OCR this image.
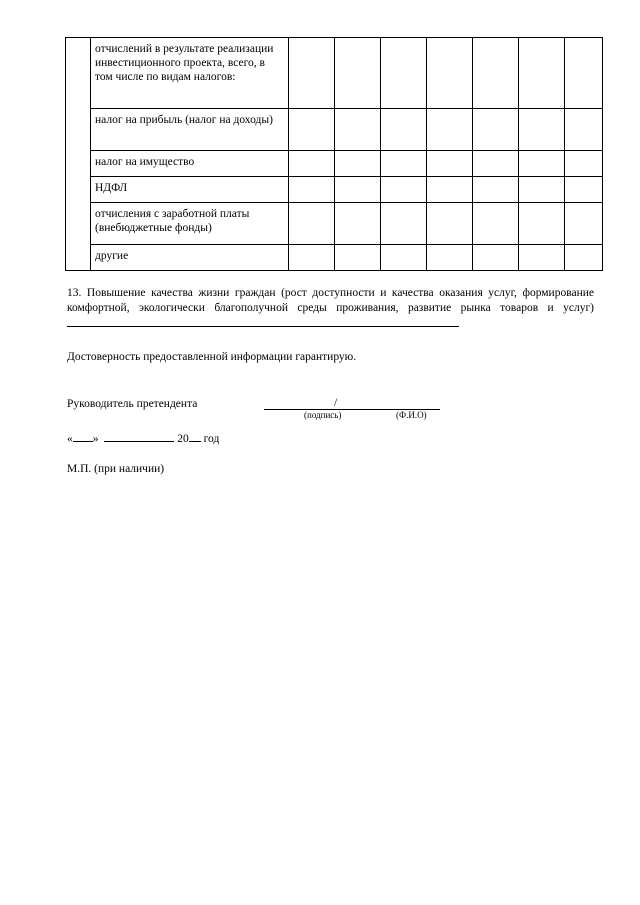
	отчислений в результате реализации инвестиционного проекта, всего, в том числе по видам налогов:							
	налог на прибыль (налог на доходы)							
	налог на имущество							
	НДФЛ							
	отчисления с заработной платы (внебюджетные фонды)							
	другие							
13. Повышение качества жизни граждан (рост доступности и качества оказания услуг, формирование комфортной, экологически благополучной среды проживания, развитие рынка товаров и услуг)
Достоверность предоставленной информации гарантирую.
Руководитель претендента	/
(подпись)	(Ф.И.О)
« »	20 год
М.П. (при наличии)
